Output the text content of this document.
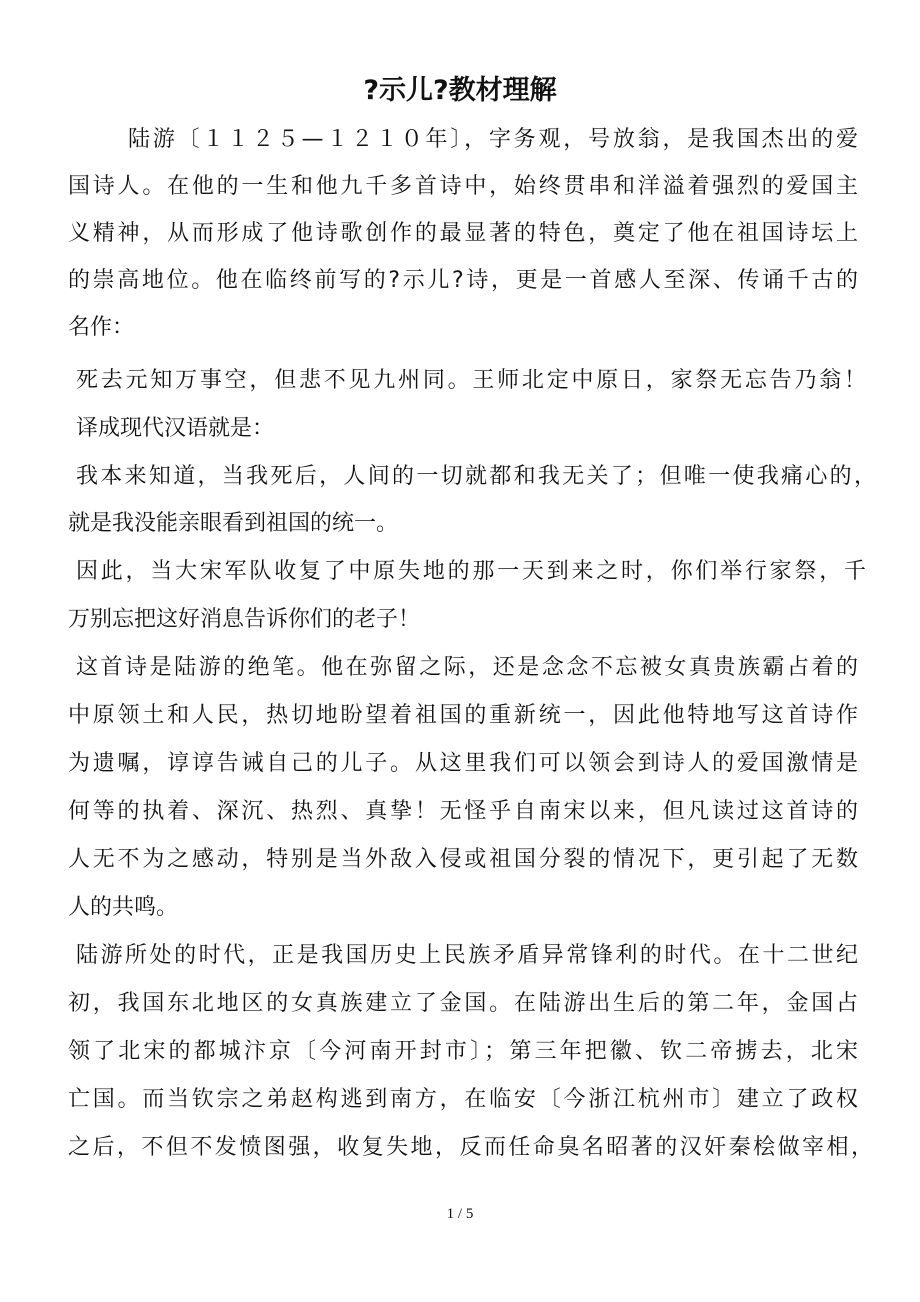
?示儿?教材理解
陆游〔１１２５—１２１０年〕，字务观，号放翁，是我国杰出的爱
国诗人。在他的一生和他九千多首诗中，始终贯串和洋溢着强烈的爱国主
义精神，从而形成了他诗歌创作的最显著的特色，奠定了他在祖国诗坛上
的崇高地位。他在临终前写的?示儿?诗，更是一首感人至深、传诵千古的
名作：
死去元知万事空，但悲不见九州同。王师北定中原日，家祭无忘告乃翁！
译成现代汉语就是：
我本来知道，当我死后，人间的一切就都和我无关了；但唯一使我痛心的，
就是我没能亲眼看到祖国的统一。
因此，当大宋军队收复了中原失地的那一天到来之时，你们举行家祭，千
万别忘把这好消息告诉你们的老子！
这首诗是陆游的绝笔。他在弥留之际，还是念念不忘被女真贵族霸占着的
中原领土和人民，热切地盼望着祖国的重新统一，因此他特地写这首诗作
为遗嘱，谆谆告诫自己的儿子。从这里我们可以领会到诗人的爱国激情是
何等的执着、深沉、热烈、真挚！无怪乎自南宋以来，但凡读过这首诗的
人无不为之感动，特别是当外敌入侵或祖国分裂的情况下，更引起了无数
人的共鸣。
陆游所处的时代，正是我国历史上民族矛盾异常锋利的时代。在十二世纪
初，我国东北地区的女真族建立了金国。在陆游出生后的第二年，金国占
领了北宋的都城汴京〔今河南开封市〕；第三年把徽、钦二帝掳去，北宋
亡国。而当钦宗之弟赵构逃到南方，在临安〔今浙江杭州市〕建立了政权
之后，不但不发愤图强，收复失地，反而任命臭名昭著的汉奸秦桧做宰相，
1 / 5
